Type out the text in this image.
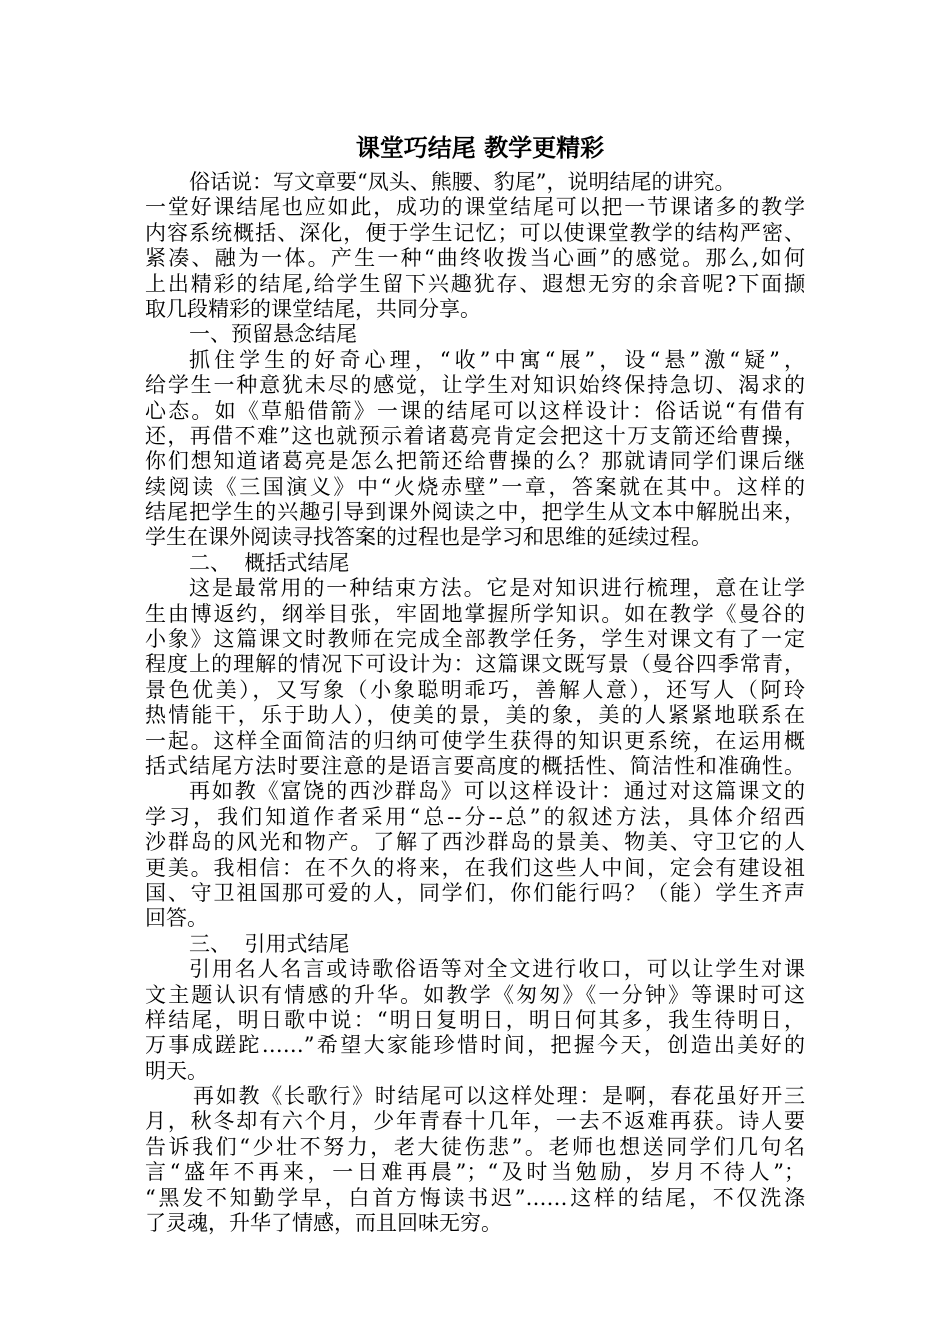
课堂巧结尾 教学更精彩
俗话说：写文章要“凤头、熊腰、豹尾”，说明结尾的讲究。
一堂好课结尾也应如此，成功的课堂结尾可以把一节课诸多的教学
内容系统概括、深化，便于学生记忆；可以使课堂教学的结构严密、
紧凑、融为一体。产生一种“曲终收拨当心画”的感觉。那么,如何
上出精彩的结尾,给学生留下兴趣犹存、遐想无穷的余音呢?下面撷
取几段精彩的课堂结尾，共同分享。
一、预留悬念结尾
抓住学生的好奇心理，“收”中寓“展”，设“悬”激“疑”，
给学生一种意犹未尽的感觉，让学生对知识始终保持急切、渴求的
心态。如《草船借箭》一课的结尾可以这样设计：俗话说“有借有
还，再借不难”这也就预示着诸葛亮肯定会把这十万支箭还给曹操，
你们想知道诸葛亮是怎么把箭还给曹操的么？那就请同学们课后继
续阅读《三国演义》中“火烧赤壁”一章，答案就在其中。这样的
结尾把学生的兴趣引导到课外阅读之中，把学生从文本中解脱出来，
学生在课外阅读寻找答案的过程也是学习和思维的延续过程。
二、  概括式结尾
这是最常用的一种结束方法。它是对知识进行梳理，意在让学
生由博返约，纲举目张，牢固地掌握所学知识。如在教学《曼谷的
小象》这篇课文时教师在完成全部教学任务，学生对课文有了一定
程度上的理解的情况下可设计为：这篇课文既写景（曼谷四季常青，
景色优美），又写象（小象聪明乖巧，善解人意），还写人（阿玲
热情能干，乐于助人），使美的景，美的象，美的人紧紧地联系在
一起。这样全面简洁的归纳可使学生获得的知识更系统，在运用概
括式结尾方法时要注意的是语言要高度的概括性、简洁性和准确性。
再如教《富饶的西沙群岛》可以这样设计：通过对这篇课文的
学习，我们知道作者采用“总--分--总”的叙述方法，具体介绍西
沙群岛的风光和物产。了解了西沙群岛的景美、物美、守卫它的人
更美。我相信：在不久的将来，在我们这些人中间，定会有建设祖
国、守卫祖国那可爱的人，同学们，你们能行吗？（能）学生齐声
回答。
三、  引用式结尾
引用名人名言或诗歌俗语等对全文进行收口，可以让学生对课
文主题认识有情感的升华。如教学《匆匆》《一分钟》等课时可这
样结尾，明日歌中说：“明日复明日，明日何其多，我生待明日，
万事成蹉跎……”希望大家能珍惜时间，把握今天，创造出美好的
明天。
再如教《长歌行》时结尾可以这样处理：是啊，春花虽好开三
月，秋冬却有六个月，少年青春十几年，一去不返难再获。诗人要
告诉我们“少壮不努力，老大徒伤悲”。老师也想送同学们几句名
言“盛年不再来，一日难再晨”；“及时当勉励，岁月不待人”；
“黑发不知勤学早，白首方悔读书迟”……这样的结尾，不仅洗涤
了灵魂，升华了情感，而且回味无穷。
